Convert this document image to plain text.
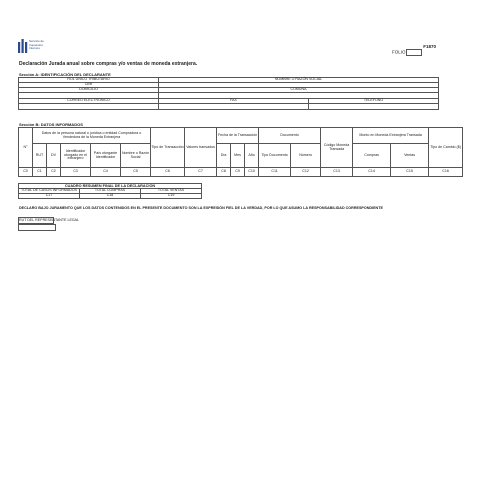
Servicio de
Impuestos
Internos	F1870
FOLIO
Declaración Jurada anual sobre compras y/o ventas de moneda extranjera.
Sección A: IDENTIFICACIÓN DEL DECLARANTE
ROL UNICO TRIBUTARIO	NOMBRE O RAZÓN SOCIAL	
CBR		
DOMICILIO	COMUNA	

CORREO ELECTRONICO	FAX	TELEFONO

Sección B: DATOS INFORMADOS
N°	Datos de la persona natural o jurídica o entidad Compradora o Vendedora de la Moneda Extranjera					Tipo de Transacción	Valores transados	Fecha de la Transacción			Documento		Código Moneda Transada	Monto en Moneda Extranjera Transada		Tipo de Cambio ($)
	RUT	DV	Identificador otorgado en el extranjero	País otorgante Identificador	Nombre o Razón Social			Día	Mes	Año	Tipo Documento	Número		Compras	Ventas	
C0	C1	C2	C3	C4	C5	C6	C7	C8	C9	C10	C11	C12	C13	C14	C15	C16
CUADRO RESUMEN FINAL DE LA DECLARACIÓN		
TOTAL DE CASOS INFORMADOS	TOTAL COMPRAS	TOTAL VENTAS
C17	C18	C19
DECLARO BAJO JURAMENTO QUE LOS DATOS CONTENIDOS EN EL PRESENTE DOCUMENTO SON LA EXPRESIÓN FIEL DE LA VERDAD, POR LO QUE ASUMO LA RESPONSABILIDAD CORRESPONDIENTE
RUT DEL REPRESENTANTE LEGAL
